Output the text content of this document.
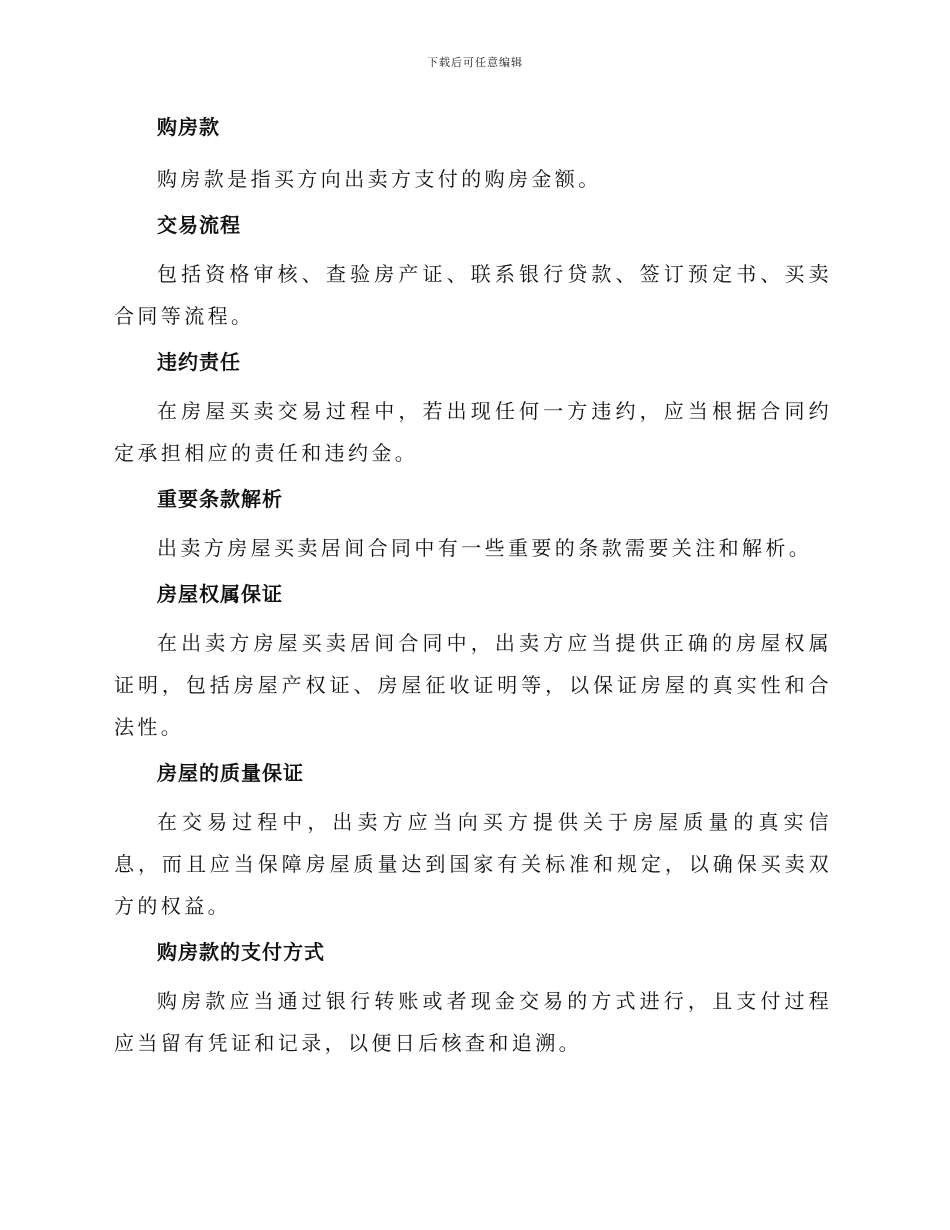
下载后可任意编辑
购房款

购房款是指买方向出卖方支付的购房金额。

交易流程

包括资格审核、查验房产证、联系银行贷款、签订预定书、买卖合同等流程。

违约责任

在房屋买卖交易过程中，若出现任何一方违约，应当根据合同约定承担相应的责任和违约金。

重要条款解析

出卖方房屋买卖居间合同中有一些重要的条款需要关注和解析。

房屋权属保证

在出卖方房屋买卖居间合同中，出卖方应当提供正确的房屋权属证明，包括房屋产权证、房屋征收证明等，以保证房屋的真实性和合法性。

房屋的质量保证

在交易过程中，出卖方应当向买方提供关于房屋质量的真实信息，而且应当保障房屋质量达到国家有关标准和规定，以确保买卖双方的权益。

购房款的支付方式

购房款应当通过银行转账或者现金交易的方式进行，且支付过程应当留有凭证和记录，以便日后核查和追溯。
